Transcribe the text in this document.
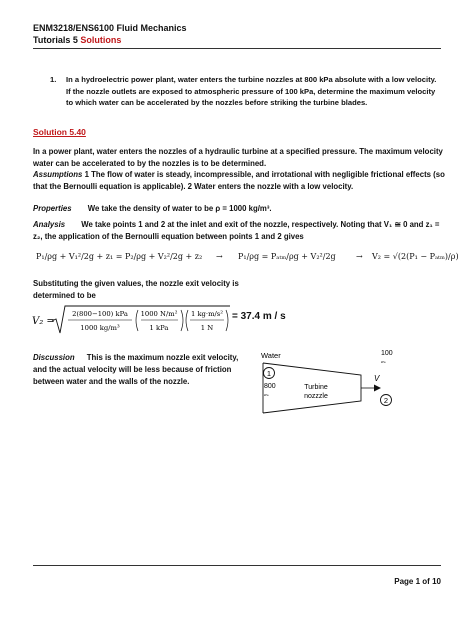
ENM3218/ENS6100 Fluid Mechanics
Tutorials 5 Solutions
1. In a hydroelectric power plant, water enters the turbine nozzles at 800 kPa absolute with a low velocity.
If the nozzle outlets are exposed to atmospheric pressure of 100 kPa, determine the maximum velocity
to which water can be accelerated by the nozzles before striking the turbine blades.
Solution 5.40
In a power plant, water enters the nozzles of a hydraulic turbine at a specified pressure. The maximum velocity
water can be accelerated to by the nozzles is to be determined.
Assumptions 1 The flow of water is steady, incompressible, and irrotational with negligible frictional effects (so
that the Bernoulli equation is applicable). 2 Water enters the nozzle with a low velocity.
Properties We take the density of water to be ρ = 1000 kg/m³.
Analysis We take points 1 and 2 at the inlet and exit of the nozzle, respectively. Noting that V₁ ≅ 0 and z₁ =
z₂, the application of the Bernoulli equation between points 1 and 2 gives
P₁/ρg + V₁²/2g + z₁ = P₂/ρg + V₂²/2g + z₂ → P₁/ρg = Pₐₜₘ/ρg + V₂²/2g	→ V₂ = √(2(P₁ − Pₐₜₘ)/ρ)
Substituting the given values, the nozzle exit velocity is
determined to be
V₂ =
2(800−100) kPa
1000 kg/m³
1000 N/m²
1 kPa
1 kg·m/s²
1 N
= 37.4 m / s
Discussion This is the maximum nozzle exit velocity,
and the actual velocity will be less because of friction
between water and the walls of the nozzle.
Water
1
800
kPa
Turbine
nozzzle
100
kPa
V
2
Page 1 of 10
